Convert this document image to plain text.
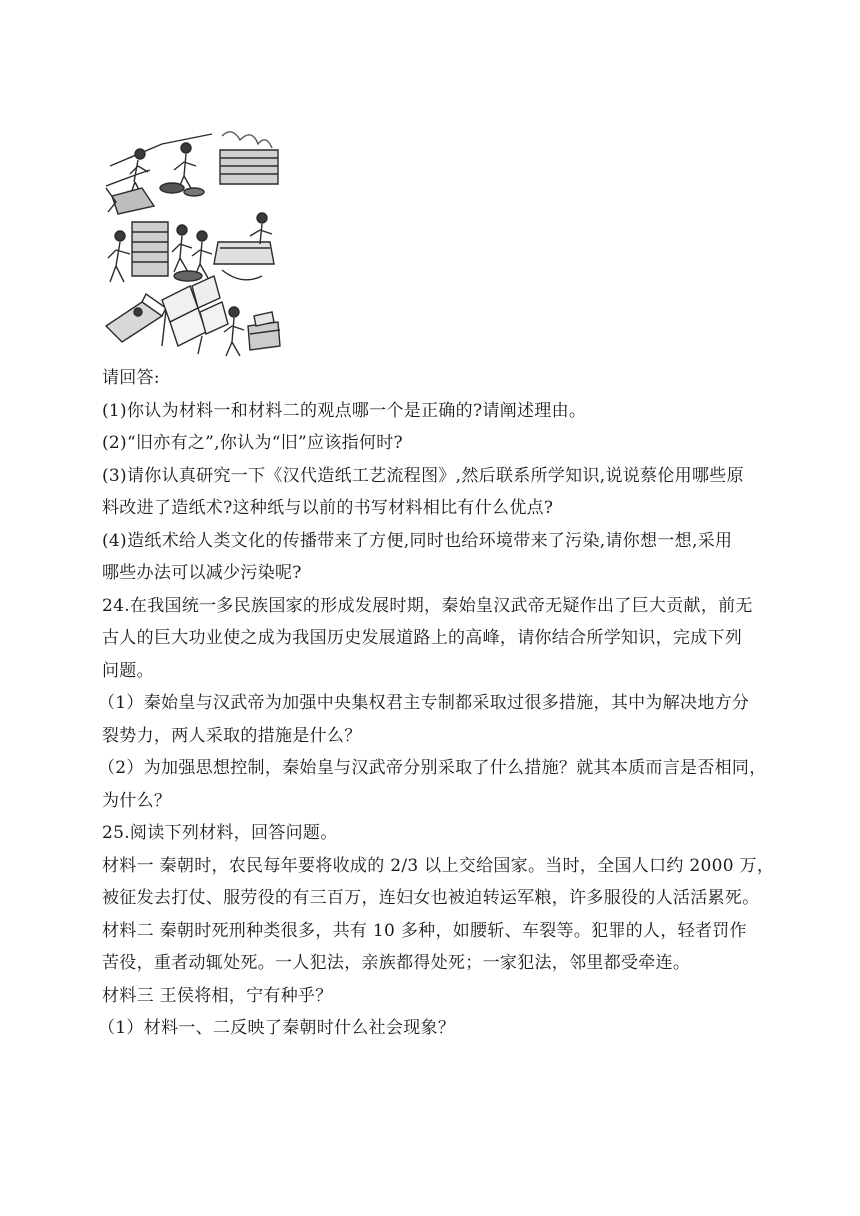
请回答:
(1)你认为材料一和材料二的观点哪一个是正确的?请阐述理由。
(2)“旧亦有之”,你认为“旧”应该指何时?
(3)请你认真研究一下《汉代造纸工艺流程图》,然后联系所学知识,说说蔡伦用哪些原
料改进了造纸术?这种纸与以前的书写材料相比有什么优点?
(4)造纸术给人类文化的传播带来了方便,同时也给环境带来了污染,请你想一想,采用
哪些办法可以减少污染呢?
24.在我国统一多民族国家的形成发展时期，秦始皇汉武帝无疑作出了巨大贡献，前无
古人的巨大功业使之成为我国历史发展道路上的高峰，请你结合所学知识，完成下列
问题。
（1）秦始皇与汉武帝为加强中央集权君主专制都采取过很多措施，其中为解决地方分
裂势力，两人采取的措施是什么？
（2）为加强思想控制，秦始皇与汉武帝分别采取了什么措施？就其本质而言是否相同，
为什么？
25.阅读下列材料，回答问题。
材料一 秦朝时，农民每年要将收成的 2/3 以上交给国家。当时，全国人口约 2000 万，
被征发去打仗、服劳役的有三百万，连妇女也被迫转运军粮，许多服役的人活活累死。
材料二 秦朝时死刑种类很多，共有 10 多种，如腰斩、车裂等。犯罪的人，轻者罚作
苦役，重者动辄处死。一人犯法，亲族都得处死；一家犯法，邻里都受牵连。
材料三 王侯将相，宁有种乎？
（1）材料一、二反映了秦朝时什么社会现象？
